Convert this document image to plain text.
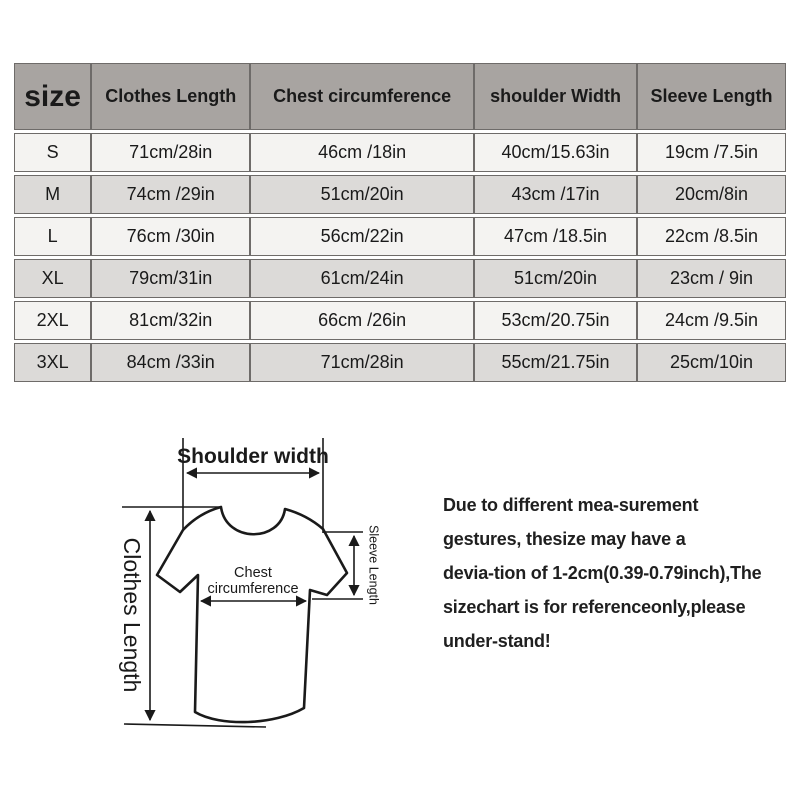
size	Clothes Length	Chest circumference	shoulder Width	Sleeve Length
S	71cm/28in	46cm /18in	40cm/15.63in	19cm /7.5in
M	74cm /29in	51cm/20in	43cm /17in	20cm/8in
L	76cm /30in	56cm/22in	47cm /18.5in	22cm /8.5in
XL	79cm/31in	61cm/24in	51cm/20in	23cm / 9in
2XL	81cm/32in	66cm /26in	53cm/20.75in	24cm /9.5in
3XL	84cm /33in	71cm/28in	55cm/21.75in	25cm/10in
Shoulder width
Clothes Length	Chest
circumference	Sleeve Length
Due to different mea-surement
gestures, thesize may have a
devia-tion of 1-2cm(0.39-0.79inch),The
sizechart is for referenceonly,please
under-stand!
